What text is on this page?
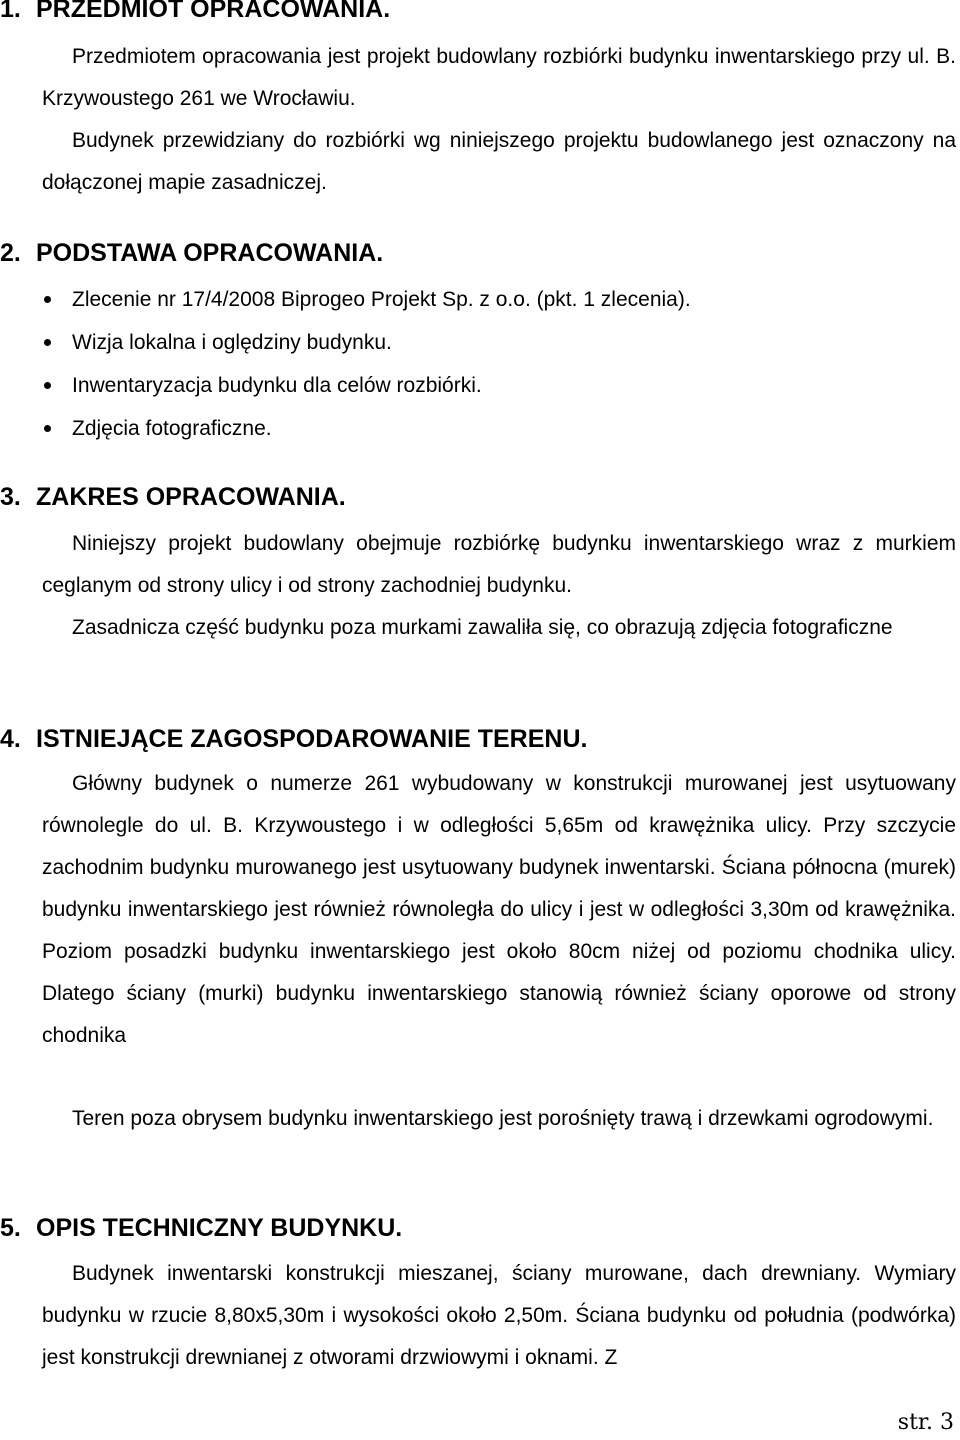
1. PRZEDMIOT OPRACOWANIA.

Przedmiotem opracowania jest projekt budowlany rozbiórki budynku inwentarskiego przy ul. B. Krzywoustego 261 we Wrocławiu.

Budynek przewidziany do rozbiórki wg niniejszego projektu budowlanego jest oznaczony na dołączonej mapie zasadniczej.

2. PODSTAWA OPRACOWANIA.
Zlecenie nr 17/4/2008 Biprogeo Projekt Sp. z o.o. (pkt. 1 zlecenia).
Wizja lokalna i oględziny budynku.
Inwentaryzacja budynku dla celów rozbiórki.
Zdjęcia fotograficzne.
3. ZAKRES OPRACOWANIA.

Niniejszy projekt budowlany obejmuje rozbiórkę budynku inwentarskiego wraz z murkiem ceglanym od strony ulicy i od strony zachodniej budynku.

Zasadnicza część budynku poza murkami zawaliła się, co obrazują zdjęcia fotograficzne

4. ISTNIEJĄCE ZAGOSPODAROWANIE TERENU.

Główny budynek o numerze 261 wybudowany w konstrukcji murowanej jest usytuowany równolegle do ul. B. Krzywoustego i w odległości 5,65m od krawężnika ulicy. Przy szczycie zachodnim budynku murowanego jest usytuowany budynek inwentarski. Ściana północna (murek) budynku inwentarskiego jest również równoległa do ulicy i jest w odległości 3,30m od krawężnika. Poziom posadzki budynku inwentarskiego jest około 80cm niżej od poziomu chodnika ulicy. Dlatego ściany (murki) budynku inwentarskiego stanowią również ściany oporowe od strony chodnika

Teren poza obrysem budynku inwentarskiego jest porośnięty trawą i drzewkami ogrodowymi.

5. OPIS TECHNICZNY BUDYNKU.

Budynek inwentarski konstrukcji mieszanej, ściany murowane, dach drewniany. Wymiary budynku w rzucie 8,80x5,30m i wysokości około 2,50m. Ściana budynku od południa (podwórka) jest konstrukcji drewnianej z otworami drzwiowymi i oknami. Z

str. 3
